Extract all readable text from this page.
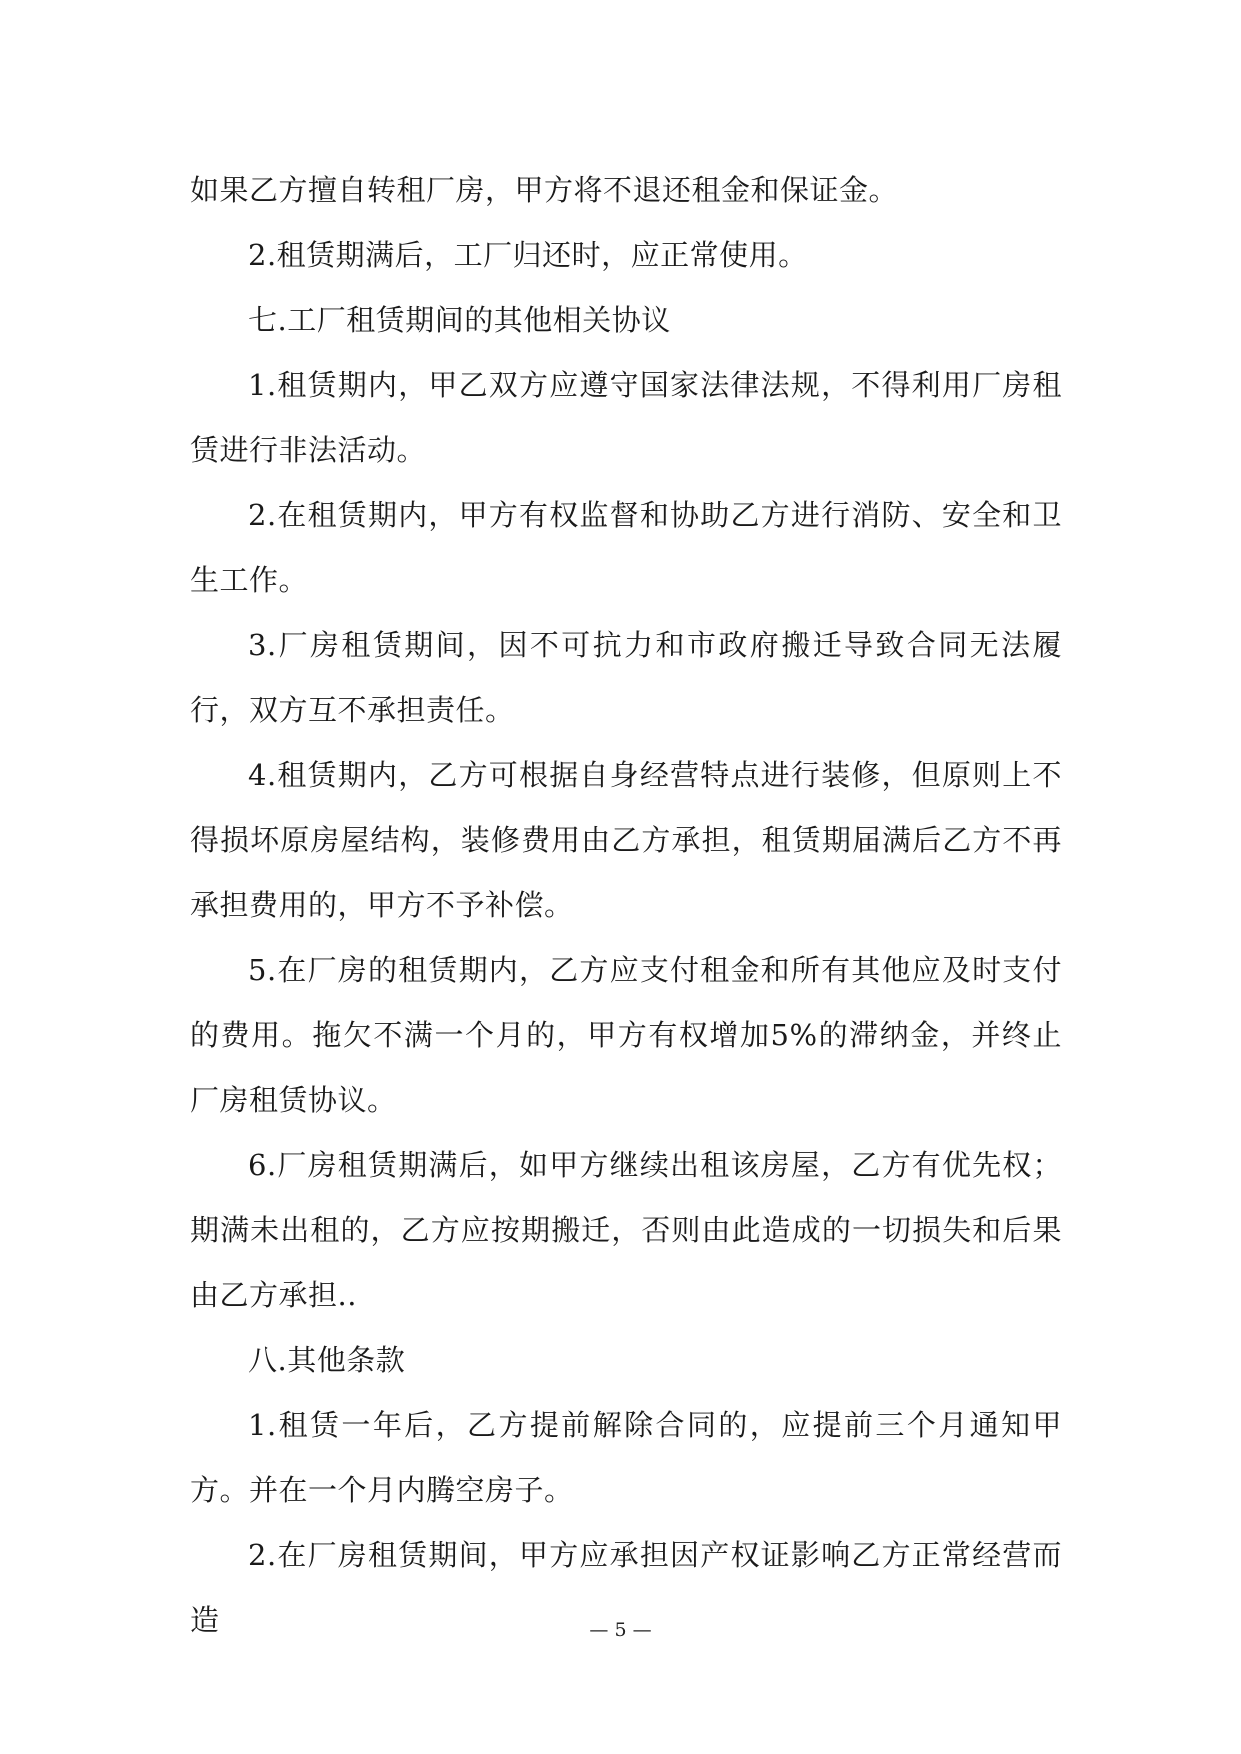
如果乙方擅自转租厂房，甲方将不退还租金和保证金。

2.租赁期满后，工厂归还时，应正常使用。

七.工厂租赁期间的其他相关协议

1.租赁期内，甲乙双方应遵守国家法律法规，不得利用厂房租赁进行非法活动。

2.在租赁期内，甲方有权监督和协助乙方进行消防、安全和卫生工作。

3.厂房租赁期间，因不可抗力和市政府搬迁导致合同无法履行，双方互不承担责任。

4.租赁期内，乙方可根据自身经营特点进行装修，但原则上不得损坏原房屋结构，装修费用由乙方承担，租赁期届满后乙方不再承担费用的，甲方不予补偿。

5.在厂房的租赁期内，乙方应支付租金和所有其他应及时支付的费用。拖欠不满一个月的，甲方有权增加5%的滞纳金，并终止厂房租赁协议。

6.厂房租赁期满后，如甲方继续出租该房屋，乙方有优先权；期满未出租的，乙方应按期搬迁，否则由此造成的一切损失和后果由乙方承担..

八.其他条款

1.租赁一年后，乙方提前解除合同的，应提前三个月通知甲方。并在一个月内腾空房子。

2.在厂房租赁期间，甲方应承担因产权证影响乙方正常经营而造	— 5 —
